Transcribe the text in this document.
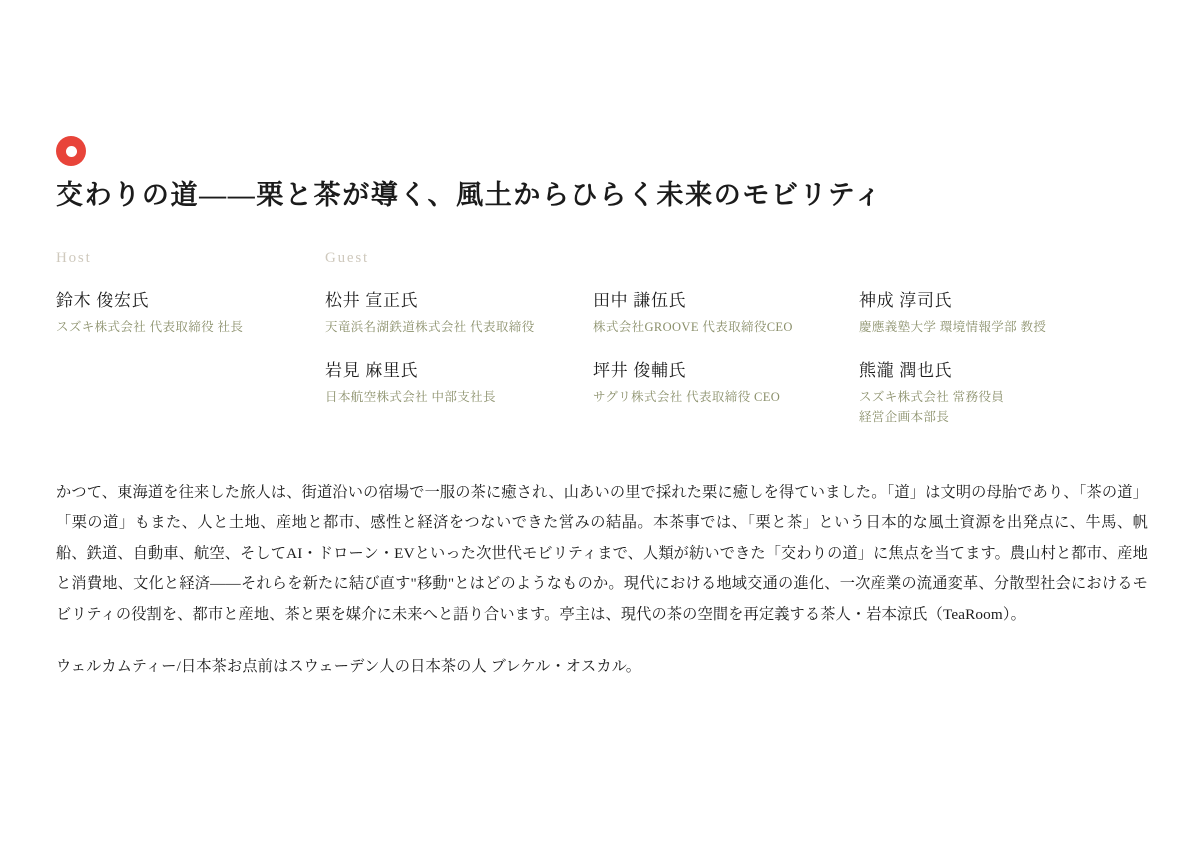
交わりの道——栗と茶が導く、風土からひらく未来のモビリティ
Host	Guest
鈴木 俊宏氏
スズキ株式会社 代表取締役 社長
松井 宣正氏
天竜浜名湖鉄道株式会社 代表取締役
田中 謙伍氏
株式会社GROOVE 代表取締役CEO
神成 淳司氏
慶應義塾大学 環境情報学部 教授
岩見 麻里氏
日本航空株式会社 中部支社長
坪井 俊輔氏
サグリ株式会社 代表取締役 CEO
熊瀧 潤也氏
スズキ株式会社 常務役員
経営企画本部長

かつて、東海道を往来した旅人は、街道沿いの宿場で一服の茶に癒され、山あいの里で採れた栗に癒しを得ていました。「道」は文明の母胎であり、「茶の道」「栗の道」もまた、人と土地、産地と都市、感性と経済をつないできた営みの結晶。本茶事では、「栗と茶」という日本的な風土資源を出発点に、牛馬、帆船、鉄道、自動車、航空、そしてAI・ドローン・EVといった次世代モビリティまで、人類が紡いできた「交わりの道」に焦点を当てます。農山村と都市、産地と消費地、文化と経済——それらを新たに結び直す"移動"とはどのようなものか。現代における地域交通の進化、一次産業の流通変革、分散型社会におけるモビリティの役割を、都市と産地、茶と栗を媒介に未来へと語り合います。亭主は、現代の茶の空間を再定義する茶人・岩本涼氏（TeaRoom）。

ウェルカムティー/日本茶お点前はスウェーデン人の日本茶の人 ブレケル・オスカル。
